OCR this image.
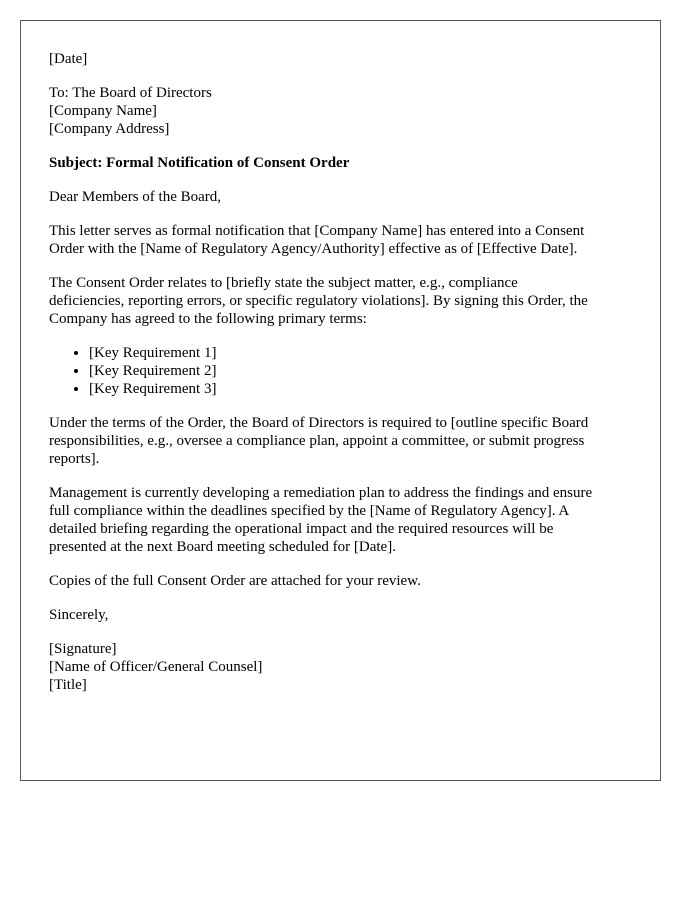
[Date]
To: The Board of Directors
[Company Name]
[Company Address]
Subject: Formal Notification of Consent Order
Dear Members of the Board,
This letter serves as formal notification that [Company Name] has entered into a Consent
Order with the [Name of Regulatory Agency/Authority] effective as of [Effective Date].
The Consent Order relates to [briefly state the subject matter, e.g., compliance
deficiencies, reporting errors, or specific regulatory violations]. By signing this Order, the
Company has agreed to the following primary terms:
• [Key Requirement 1]
• [Key Requirement 2]
• [Key Requirement 3]
Under the terms of the Order, the Board of Directors is required to [outline specific Board
responsibilities, e.g., oversee a compliance plan, appoint a committee, or submit progress
reports].
Management is currently developing a remediation plan to address the findings and ensure
full compliance within the deadlines specified by the [Name of Regulatory Agency]. A
detailed briefing regarding the operational impact and the required resources will be
presented at the next Board meeting scheduled for [Date].
Copies of the full Consent Order are attached for your review.
Sincerely,
[Signature]
[Name of Officer/General Counsel]
[Title]
